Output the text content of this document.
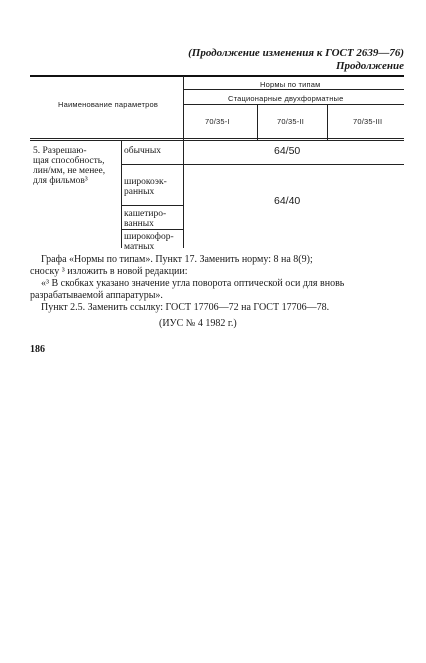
(Продолжение изменения к ГОСТ 2639—76)
Продолжение
Наименование параметров
Нормы по типам
Стационарные двухформатные
70/35-I	70/35-II	70/35-III
5. Разрешаю-
щая способность,
лин/мм, не менее,
для фильмов³
обычных
широкоэк-
ранных
кашетиро-
ванных
широкофор-
матных
64/50
64/40
Графа «Нормы по типам». Пункт 17. Заменить норму: 8 на 8(9);
сноску ³ изложить в новой редакции:
«³ В скобках указано значение угла поворота оптической оси для вновь
разрабатываемой аппаратуры».
Пункт 2.5. Заменить ссылку: ГОСТ 17706—72 на ГОСТ 17706—78.
(ИУС № 4 1982 г.)
186
